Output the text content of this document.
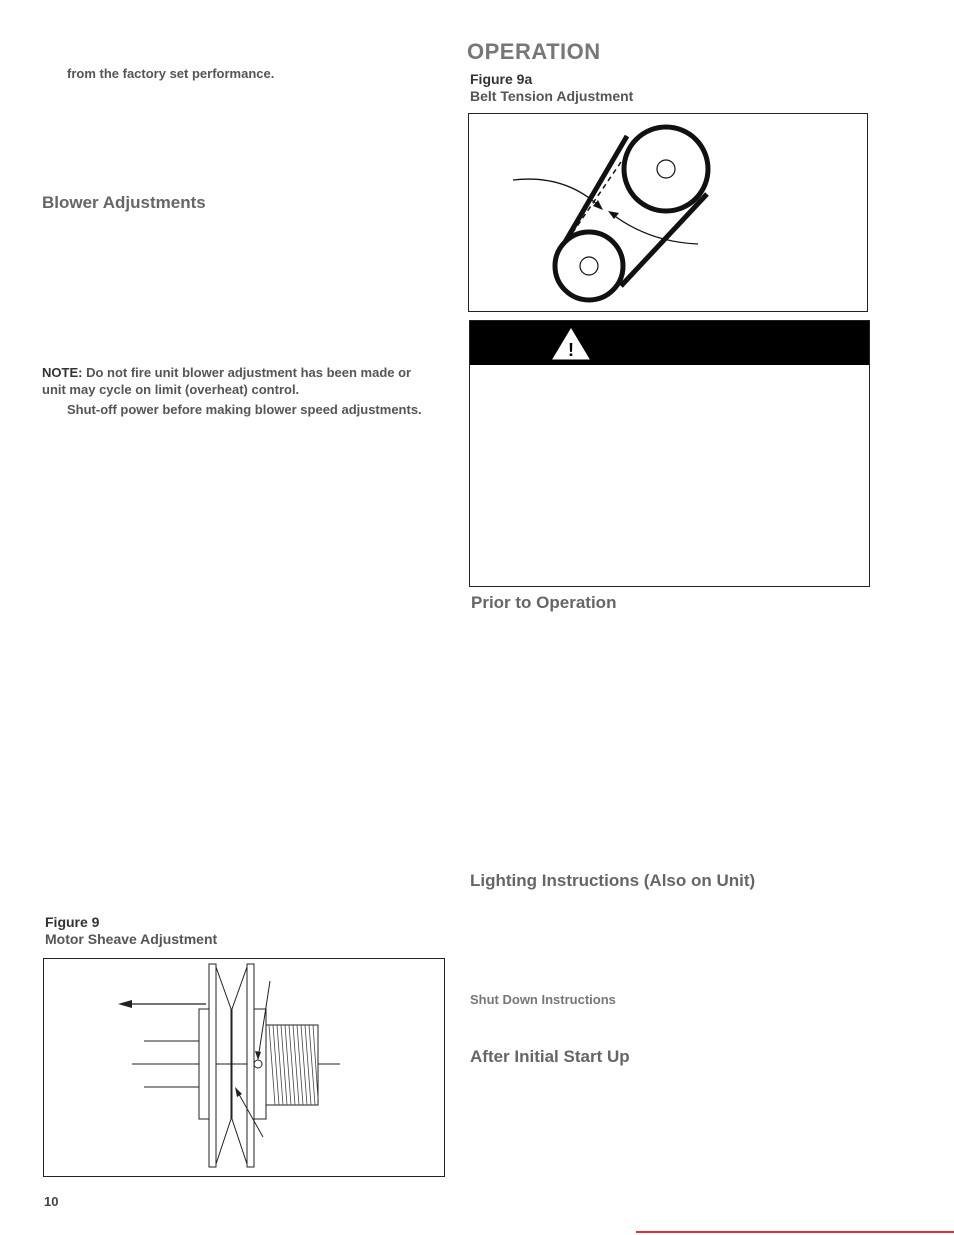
from the factory set performance.
Blower Adjustments
NOTE: Do not fire unit blower adjustment has been made or unit may cycle on limit (overheat) control.
Shut-off power before making blower speed adjustments.
Figure 9
Motor Sheave Adjustment
10
OPERATION
Figure 9a
Belt Tension Adjustment
!
Prior to Operation
Lighting Instructions (Also on Unit)
Shut Down Instructions
After Initial Start Up
